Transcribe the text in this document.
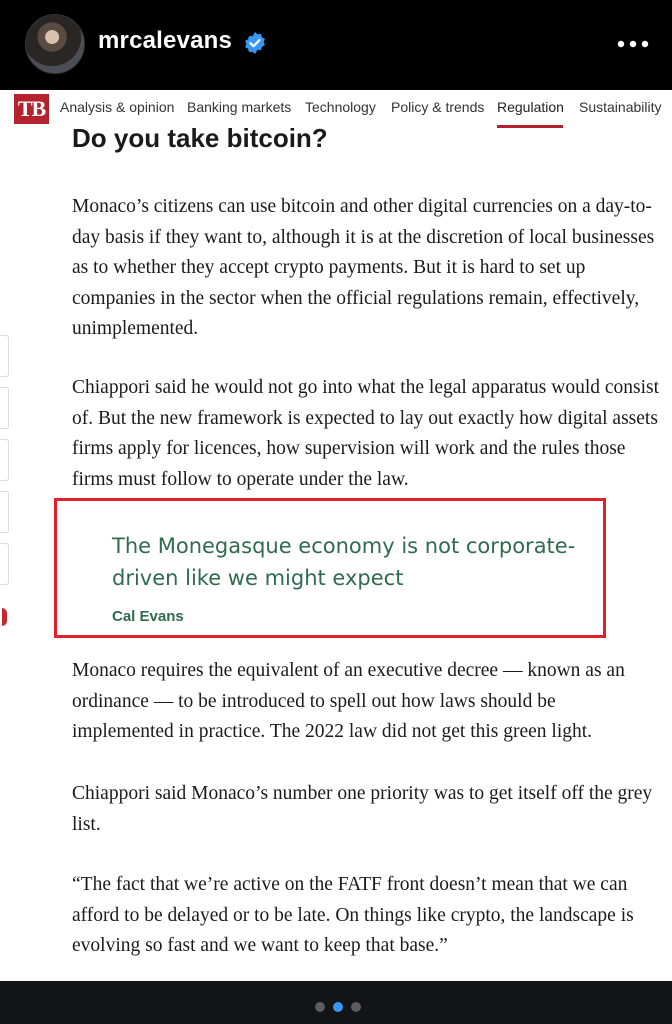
mrcalevans
TB Analysis & opinion Banking markets Technology Policy & trends Regulation Sustainability
Do you take bitcoin?

Monaco’s citizens can use bitcoin and other digital currencies on a day-to-day basis if they want to, although it is at the discretion of local businesses as to whether they accept crypto payments. But it is hard to set up companies in the sector when the official regulations remain, effectively, unimplemented.

Chiappori said he would not go into what the legal apparatus would consist of. But the new framework is expected to lay out exactly how digital assets firms apply for licences, how supervision will work and the rules those firms must follow to operate under the law.

The Monegasque economy is not corporate-driven like we might expect

Cal Evans

Monaco requires the equivalent of an executive decree — known as an ordinance — to be introduced to spell out how laws should be implemented in practice. The 2022 law did not get this green light.

Chiappori said Monaco’s number one priority was to get itself off the grey list.

“The fact that we’re active on the FATF front doesn’t mean that we can afford to be delayed or to be late. On things like crypto, the landscape is evolving so fast and we want to keep that base.”
